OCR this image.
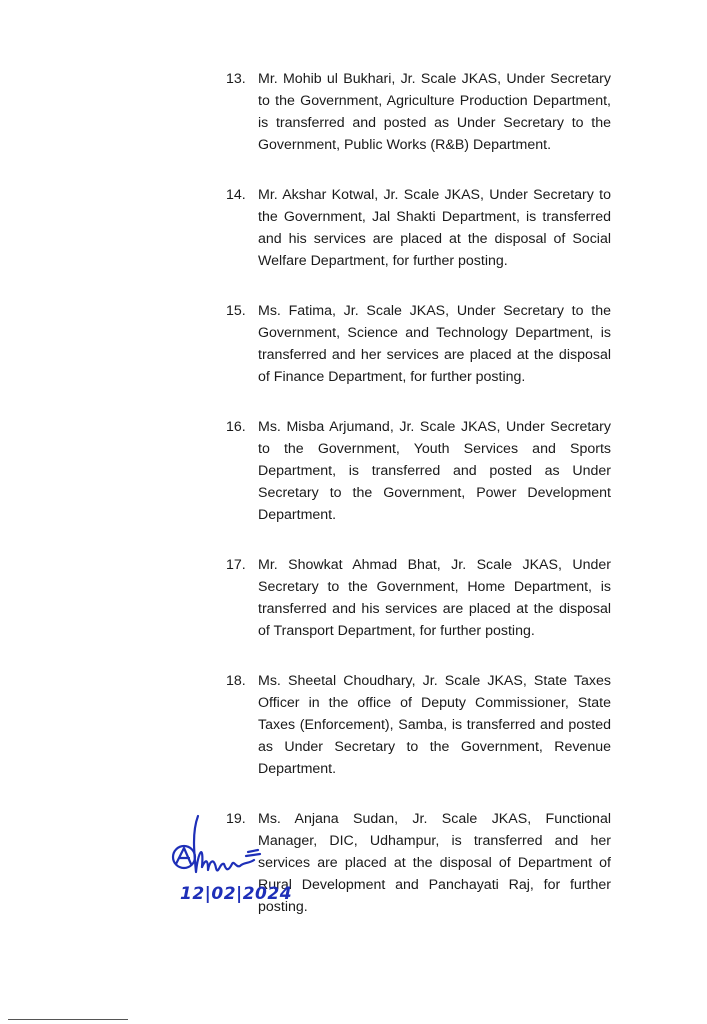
13. Mr. Mohib ul Bukhari, Jr. Scale JKAS, Under Secretary to the Government, Agriculture Production Department, is transferred and posted as Under Secretary to the Government, Public Works (R&B) Department.
14. Mr. Akshar Kotwal, Jr. Scale JKAS, Under Secretary to the Government, Jal Shakti Department, is transferred and his services are placed at the disposal of Social Welfare Department, for further posting.
15. Ms. Fatima, Jr. Scale JKAS, Under Secretary to the Government, Science and Technology Department, is transferred and her services are placed at the disposal of Finance Department, for further posting.
16. Ms. Misba Arjumand, Jr. Scale JKAS, Under Secretary to the Government, Youth Services and Sports Department, is transferred and posted as Under Secretary to the Government, Power Development Department.
17. Mr. Showkat Ahmad Bhat, Jr. Scale JKAS, Under Secretary to the Government, Home Department, is transferred and his services are placed at the disposal of Transport Department, for further posting.
18. Ms. Sheetal Choudhary, Jr. Scale JKAS, State Taxes Officer in the office of Deputy Commissioner, State Taxes (Enforcement), Samba, is transferred and posted as Under Secretary to the Government, Revenue Department.
19. Ms. Anjana Sudan, Jr. Scale JKAS, Functional Manager, DIC, Udhampur, is transferred and her services are placed at the disposal of Department of Rural Development and Panchayati Raj, for further posting.
12|02|2024
